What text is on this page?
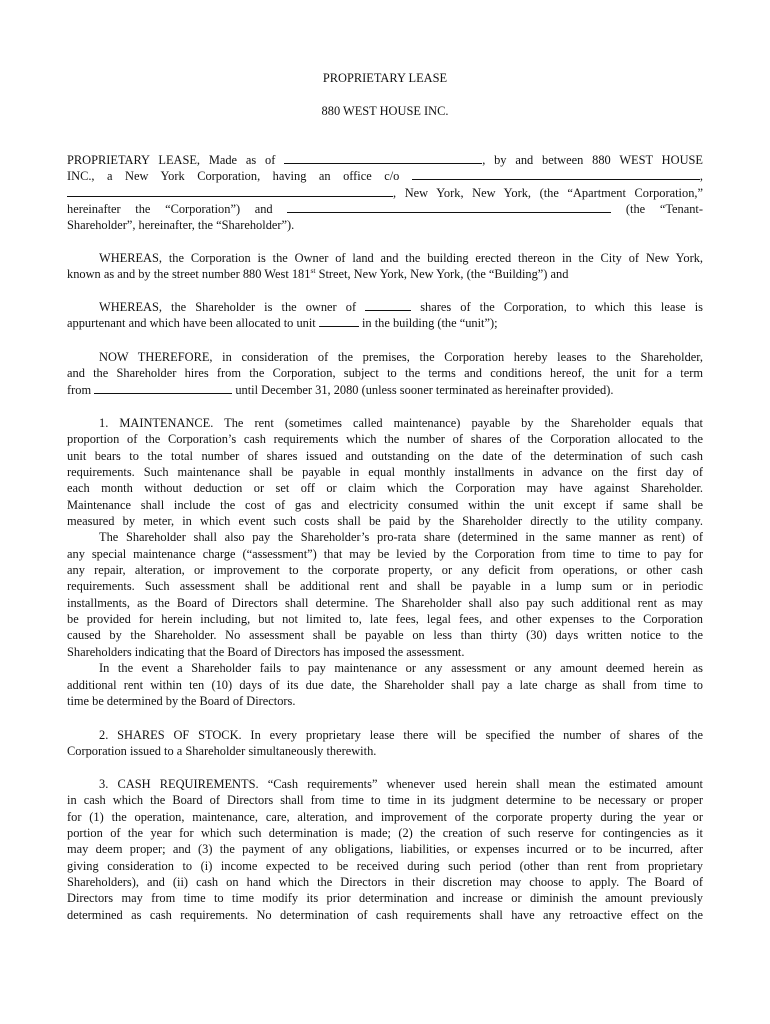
PROPRIETARY LEASE
880 WEST HOUSE INC.
PROPRIETARY LEASE, Made as of	, by and between 880 WEST HOUSE
INC., a New York Corporation, having an office c/o	,
, New York, New York, (the “Apartment Corporation,”
hereinafter the “Corporation”) and	(the “Tenant-
Shareholder”, hereinafter, the “Shareholder”).
WHEREAS, the Corporation is the Owner of land and the building erected thereon in the City of New York,
known as and by the street number 880 West 181st Street, New York, New York, (the “Building”) and
WHEREAS, the Shareholder is the owner of	shares of the Corporation, to which this lease is
appurtenant and which have been allocated to unit	in the building (the “unit”);
NOW THEREFORE, in consideration of the premises, the Corporation hereby leases to the Shareholder,
and the Shareholder hires from the Corporation, subject to the terms and conditions hereof, the unit for a term
from	until December 31, 2080 (unless sooner terminated as hereinafter provided).
1. MAINTENANCE. The rent (sometimes called maintenance) payable by the Shareholder equals that
proportion of the Corporation’s cash requirements which the number of shares of the Corporation allocated to the
unit bears to the total number of shares issued and outstanding on the date of the determination of such cash
requirements. Such maintenance shall be payable in equal monthly installments in advance on the first day of
each month without deduction or set off or claim which the Corporation may have against Shareholder.
Maintenance shall include the cost of gas and electricity consumed within the unit except if same shall be
measured by meter, in which event such costs shall be paid by the Shareholder directly to the utility company.
The Shareholder shall also pay the Shareholder’s pro-rata share (determined in the same manner as rent) of
any special maintenance charge (“assessment”) that may be levied by the Corporation from time to time to pay for
any repair, alteration, or improvement to the corporate property, or any deficit from operations, or other cash
requirements. Such assessment shall be additional rent and shall be payable in a lump sum or in periodic
installments, as the Board of Directors shall determine. The Shareholder shall also pay such additional rent as may
be provided for herein including, but not limited to, late fees, legal fees, and other expenses to the Corporation
caused by the Shareholder. No assessment shall be payable on less than thirty (30) days written notice to the
Shareholders indicating that the Board of Directors has imposed the assessment.
In the event a Shareholder fails to pay maintenance or any assessment or any amount deemed herein as
additional rent within ten (10) days of its due date, the Shareholder shall pay a late charge as shall from time to
time be determined by the Board of Directors.
2. SHARES OF STOCK. In every proprietary lease there will be specified the number of shares of the
Corporation issued to a Shareholder simultaneously therewith.
3. CASH REQUIREMENTS. “Cash requirements” whenever used herein shall mean the estimated amount
in cash which the Board of Directors shall from time to time in its judgment determine to be necessary or proper
for (1) the operation, maintenance, care, alteration, and improvement of the corporate property during the year or
portion of the year for which such determination is made; (2) the creation of such reserve for contingencies as it
may deem proper; and (3) the payment of any obligations, liabilities, or expenses incurred or to be incurred, after
giving consideration to (i) income expected to be received during such period (other than rent from proprietary
Shareholders), and (ii) cash on hand which the Directors in their discretion may choose to apply. The Board of
Directors may from time to time modify its prior determination and increase or diminish the amount previously
determined as cash requirements. No determination of cash requirements shall have any retroactive effect on the
